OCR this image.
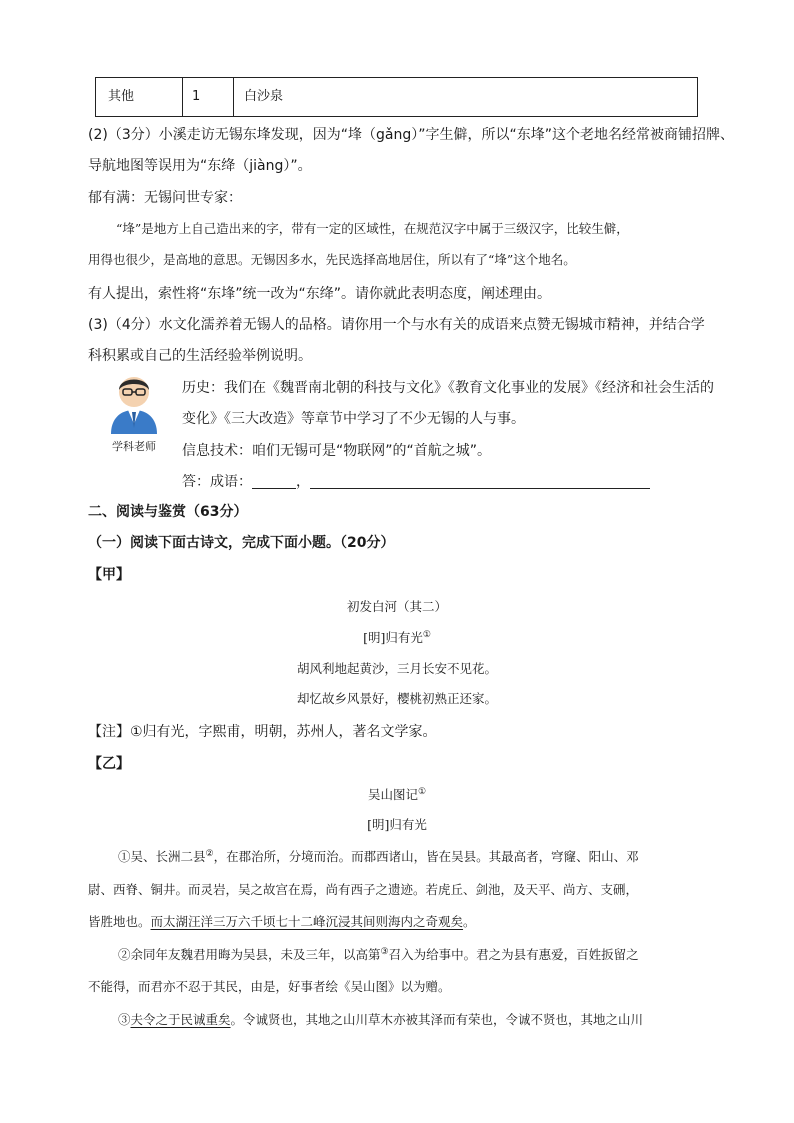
其他	1	白沙泉
(2)（3分）小溪走访无锡东埄发现，因为“埄（gǎng）”字生僻，所以“东埄”这个老地名经常被商铺招牌、
导航地图等误用为“东绛（jiàng）”。
郁有满：无锡问世专家：
“埄”是地方上自己造出来的字，带有一定的区域性，在规范汉字中属于三级汉字，比较生僻，
用得也很少，是高地的意思。无锡因多水，先民选择高地居住，所以有了“埄”这个地名。
有人提出，索性将“东埄”统一改为“东绛”。请你就此表明态度，阐述理由。
(3)（4分）水文化濡养着无锡人的品格。请你用一个与水有关的成语来点赞无锡城市精神，并结合学
科积累或自己的生活经验举例说明。
学科老师
历史：我们在《魏晋南北朝的科技与文化》《教育文化事业的发展》《经济和社会生活的
变化》《三大改造》等章节中学习了不少无锡的人与事。
信息技术：咱们无锡可是“物联网”的“首航之城”。
答：成语：	，
二、阅读与鉴赏（63分）
（一）阅读下面古诗文，完成下面小题。（20分）
【甲】
初发白河（其二）
[明]归有光①
胡风利地起黄沙，三月长安不见花。
却忆故乡风景好，樱桃初熟正还家。
【注】①归有光，字熙甫，明朝，苏州人，著名文学家。
【乙】
吴山图记①
[明]归有光
①吴、长洲二县②，在郡治所，分境而治。而郡西诸山，皆在吴县。其最高者，穹窿、阳山、邓
尉、西脊、铜井。而灵岩，吴之故宫在焉，尚有西子之遗迹。若虎丘、剑池，及天平、尚方、支硎，
皆胜地也。而太湖汪洋三万六千顷七十二峰沉浸其间则海内之奇观矣。
②余同年友魏君用晦为吴县，未及三年，以高第③召入为给事中。君之为县有惠爱，百姓扳留之
不能得，而君亦不忍于其民，由是，好事者绘《吴山图》以为赠。
③夫令之于民诚重矣。令诚贤也，其地之山川草木亦被其泽而有荣也，令诚不贤也，其地之山川
